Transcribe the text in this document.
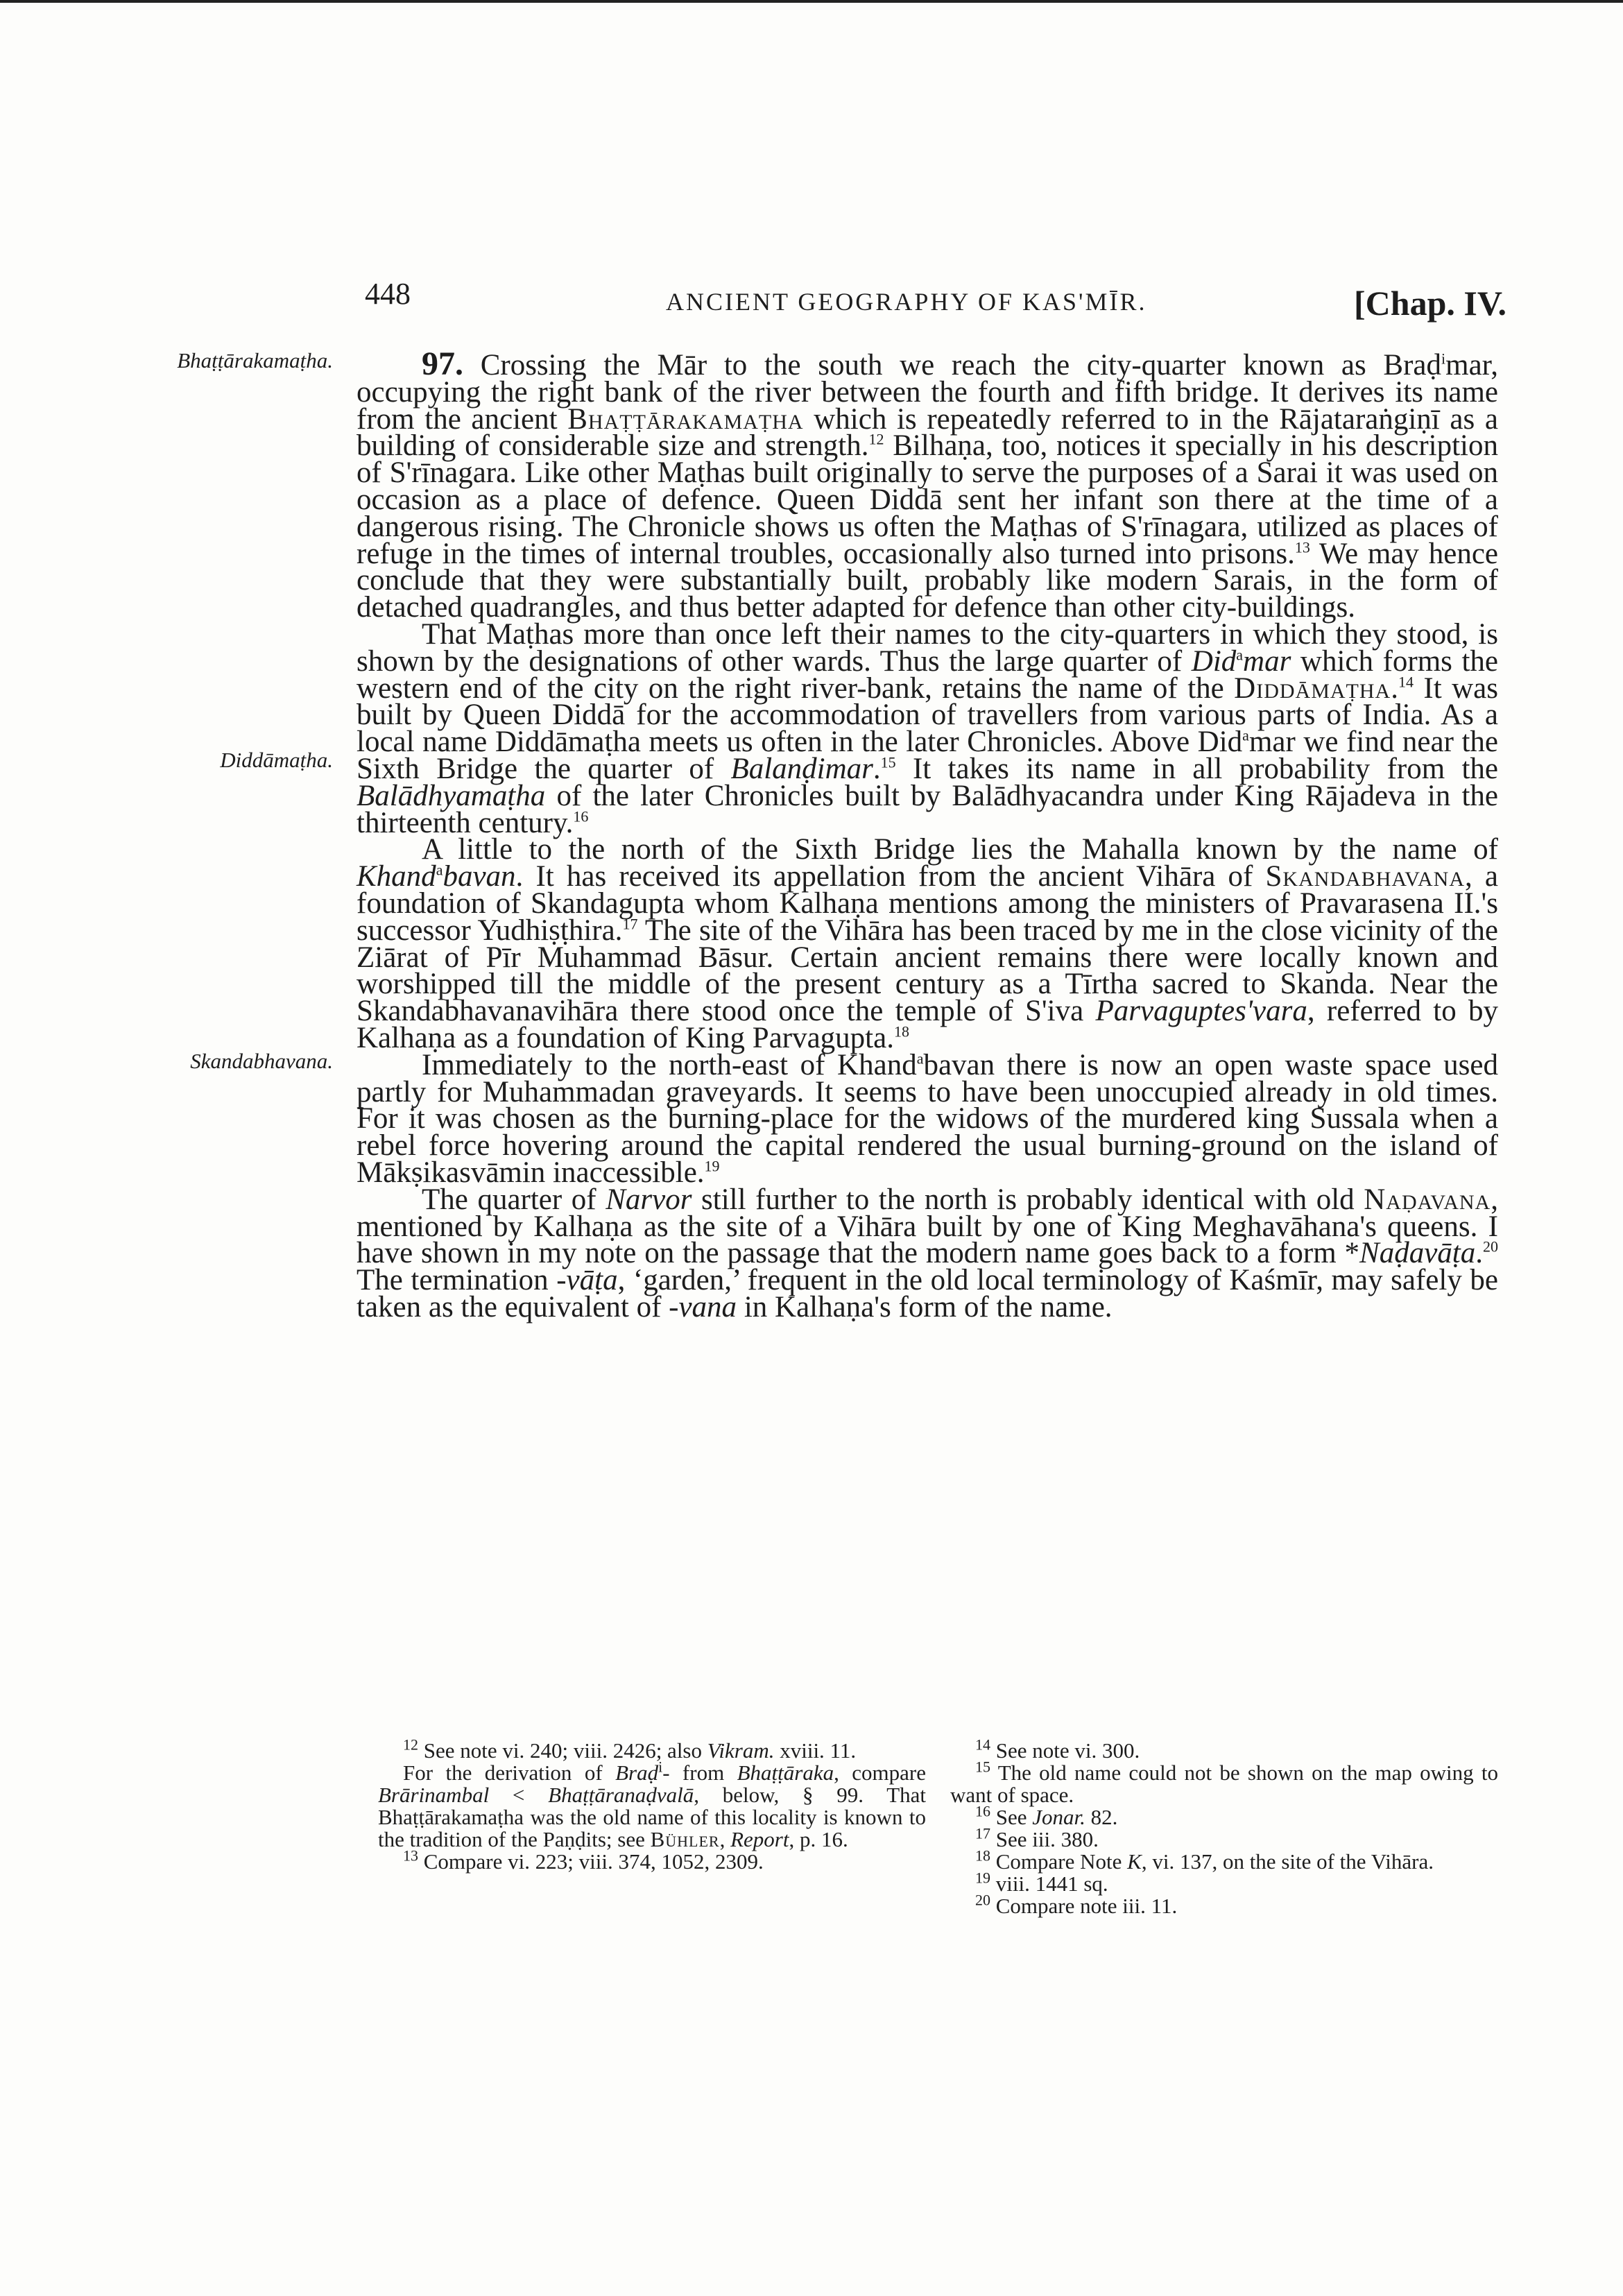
448	ANCIENT GEOGRAPHY OF KAS'MĪR.	[Chap. IV.
Bhaṭṭārakamaṭha.
Diddāmaṭha.
Skandabhavana.

97. Crossing the Mār to the south we reach the city-quarter known as Braḍ$^i$mar, occupying the right bank of the river between the fourth and fifth bridge. It derives its name from the ancient Bhaṭṭārakamaṭha which is repeatedly referred to in the Rājataraṅgiṇī as a building of considerable size and strength.$^{12}$ Bilhaṇa, too, notices it specially in his description of S'rīnagara. Like other Maṭhas built originally to serve the purposes of a Sarai it was used on occasion as a place of defence. Queen Diddā sent her infant son there at the time of a dangerous rising. The Chronicle shows us often the Maṭhas of S'rīnagara, utilized as places of refuge in the times of internal troubles, occasionally also turned into prisons.$^{13}$ We may hence conclude that they were substantially built, probably like modern Sarais, in the form of detached quadrangles, and thus better adapted for defence than other city-buildings.

That Maṭhas more than once left their names to the city-quarters in which they stood, is shown by the designations of other wards. Thus the large quarter of Did$^a$mar which forms the western end of the city on the right river-bank, retains the name of the Diddāmaṭha.$^{14}$ It was built by Queen Diddā for the accommodation of travellers from various parts of India. As a local name Diddāmaṭha meets us often in the later Chronicles. Above Did$^a$mar we find near the Sixth Bridge the quarter of Balanḍimar.$^{15}$ It takes its name in all probability from the Balādhyamaṭha of the later Chronicles built by Balādhyacandra under King Rājadeva in the thirteenth century.$^{16}$

A little to the north of the Sixth Bridge lies the Mahalla known by the name of Khand$^a$bavan. It has received its appellation from the ancient Vihāra of Skandabhavana, a foundation of Skandagupta whom Kalhaṇa mentions among the ministers of Pravarasena II.'s successor Yudhiṣṭhira.$^{17}$ The site of the Vihāra has been traced by me in the close vicinity of the Ziārat of Pīr Muhammad Bāsur. Certain ancient remains there were locally known and worshipped till the middle of the present century as a Tīrtha sacred to Skanda. Near the Skandabhavanavihāra there stood once the temple of S'iva Parvaguptes'vara, referred to by Kalhaṇa as a foundation of King Parvagupta.$^{18}$

Immediately to the north-east of Khand$^a$bavan there is now an open waste space used partly for Muhammadan graveyards. It seems to have been unoccupied already in old times. For it was chosen as the burning-place for the widows of the murdered king Sussala when a rebel force hovering around the capital rendered the usual burning-ground on the island of Mākṣikasvāmin inaccessible.$^{19}$

The quarter of Narvor still further to the north is probably identical with old Naḍavana, mentioned by Kalhaṇa as the site of a Vihāra built by one of King Meghavāhana's queens. I have shown in my note on the passage that the modern name goes back to a form *Naḍavāṭa.$^{20}$ The termination -vāṭa, ‘garden,’ frequent in the old local terminology of Kaśmīr, may safely be taken as the equivalent of -vana in Kalhaṇa's form of the name.

$^{12}$ See note vi. 240; viii. 2426; also Vikram. xviii. 11.

For the derivation of Braḍ$^i$- from Bhaṭṭāraka, compare Brārinambal < Bhaṭṭāranaḍvalā, below, § 99. That Bhaṭṭārakamaṭha was the old name of this locality is known to the tradition of the Paṇḍits; see Bühler, Report, p. 16.

$^{13}$ Compare vi. 223; viii. 374, 1052, 2309.

$^{14}$ See note vi. 300.

$^{15}$ The old name could not be shown on the map owing to want of space.

$^{16}$ See Jonar. 82.

$^{17}$ See iii. 380.

$^{18}$ Compare Note K, vi. 137, on the site of the Vihāra.

$^{19}$ viii. 1441 sq.

$^{20}$ Compare note iii. 11.
